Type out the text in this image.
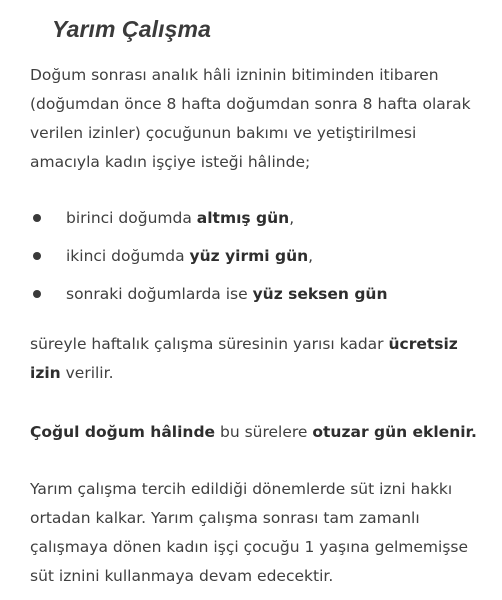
Yarım Çalışma

Doğum sonrası analık hâli izninin bitiminden itibaren
(doğumdan önce 8 hafta doğumdan sonra 8 hafta olarak
verilen izinler) çocuğunun bakımı ve yetiştirilmesi
amacıyla kadın işçiye isteği hâlinde;

birinci doğumda altmış gün,
ikinci doğumda yüz yirmi gün,
sonraki doğumlarda ise yüz seksen gün

süreyle haftalık çalışma süresinin yarısı kadar ücretsiz
izin verilir.

Çoğul doğum hâlinde bu sürelere otuzar gün eklenir.

Yarım çalışma tercih edildiği dönemlerde süt izni hakkı
ortadan kalkar. Yarım çalışma sonrası tam zamanlı
çalışmaya dönen kadın işçi çocuğu 1 yaşına gelmemişse
süt iznini kullanmaya devam edecektir.
